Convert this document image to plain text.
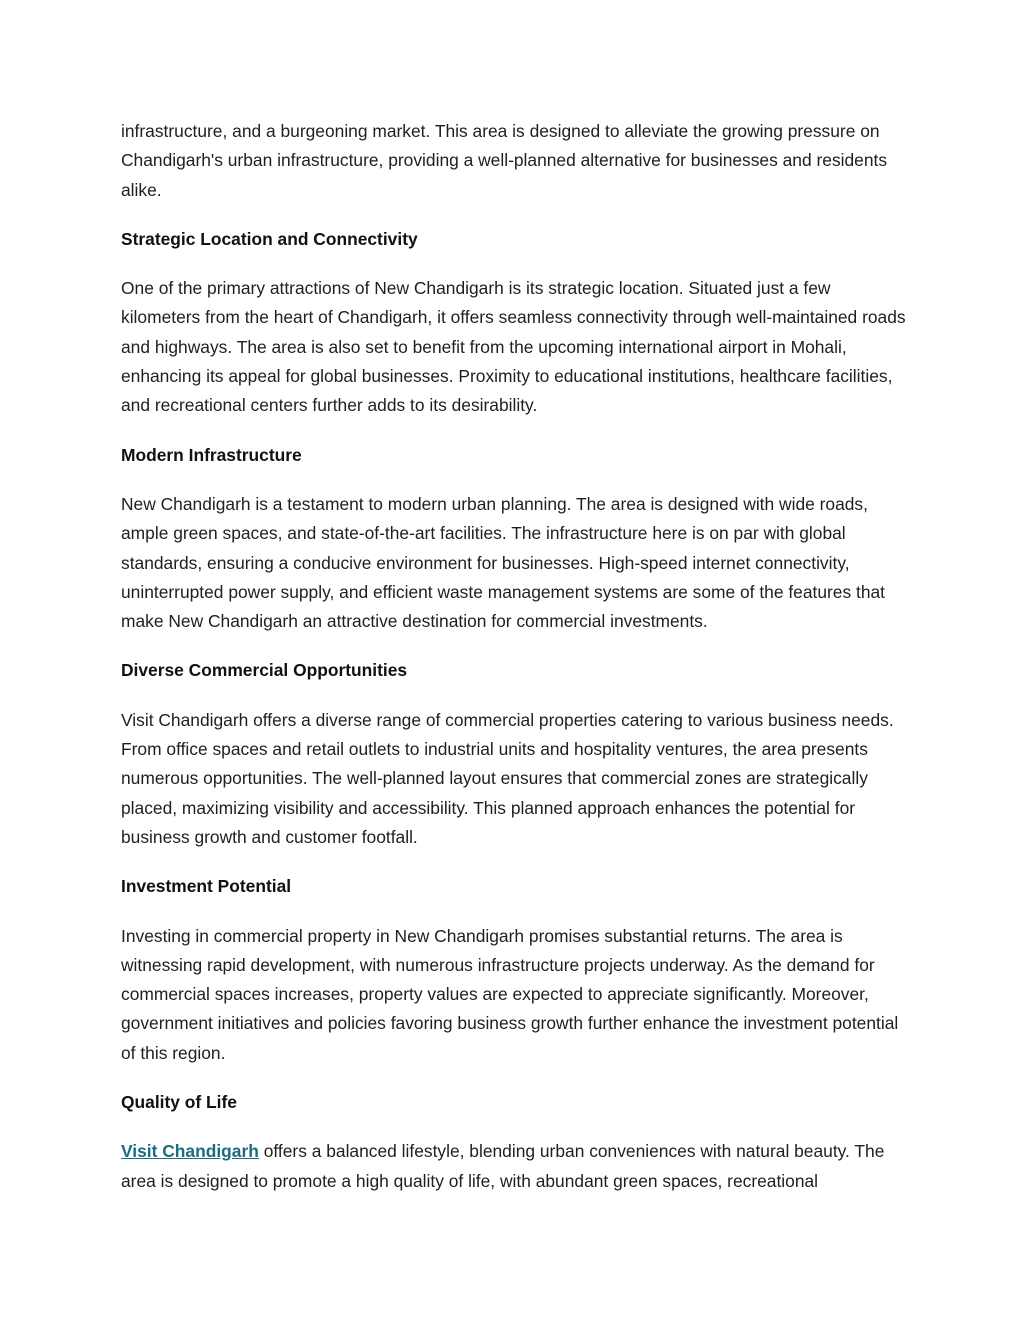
infrastructure, and a burgeoning market. This area is designed to alleviate the growing pressure on Chandigarh's urban infrastructure, providing a well-planned alternative for businesses and residents alike.

Strategic Location and Connectivity

One of the primary attractions of New Chandigarh is its strategic location. Situated just a few kilometers from the heart of Chandigarh, it offers seamless connectivity through well-maintained roads and highways. The area is also set to benefit from the upcoming international airport in Mohali, enhancing its appeal for global businesses. Proximity to educational institutions, healthcare facilities, and recreational centers further adds to its desirability.

Modern Infrastructure

New Chandigarh is a testament to modern urban planning. The area is designed with wide roads, ample green spaces, and state-of-the-art facilities. The infrastructure here is on par with global standards, ensuring a conducive environment for businesses. High-speed internet connectivity, uninterrupted power supply, and efficient waste management systems are some of the features that make New Chandigarh an attractive destination for commercial investments.

Diverse Commercial Opportunities

Visit Chandigarh offers a diverse range of commercial properties catering to various business needs. From office spaces and retail outlets to industrial units and hospitality ventures, the area presents numerous opportunities. The well-planned layout ensures that commercial zones are strategically placed, maximizing visibility and accessibility. This planned approach enhances the potential for business growth and customer footfall.

Investment Potential

Investing in commercial property in New Chandigarh promises substantial returns. The area is witnessing rapid development, with numerous infrastructure projects underway. As the demand for commercial spaces increases, property values are expected to appreciate significantly. Moreover, government initiatives and policies favoring business growth further enhance the investment potential of this region.

Quality of Life

Visit Chandigarh offers a balanced lifestyle, blending urban conveniences with natural beauty. The area is designed to promote a high quality of life, with abundant green spaces, recreational
